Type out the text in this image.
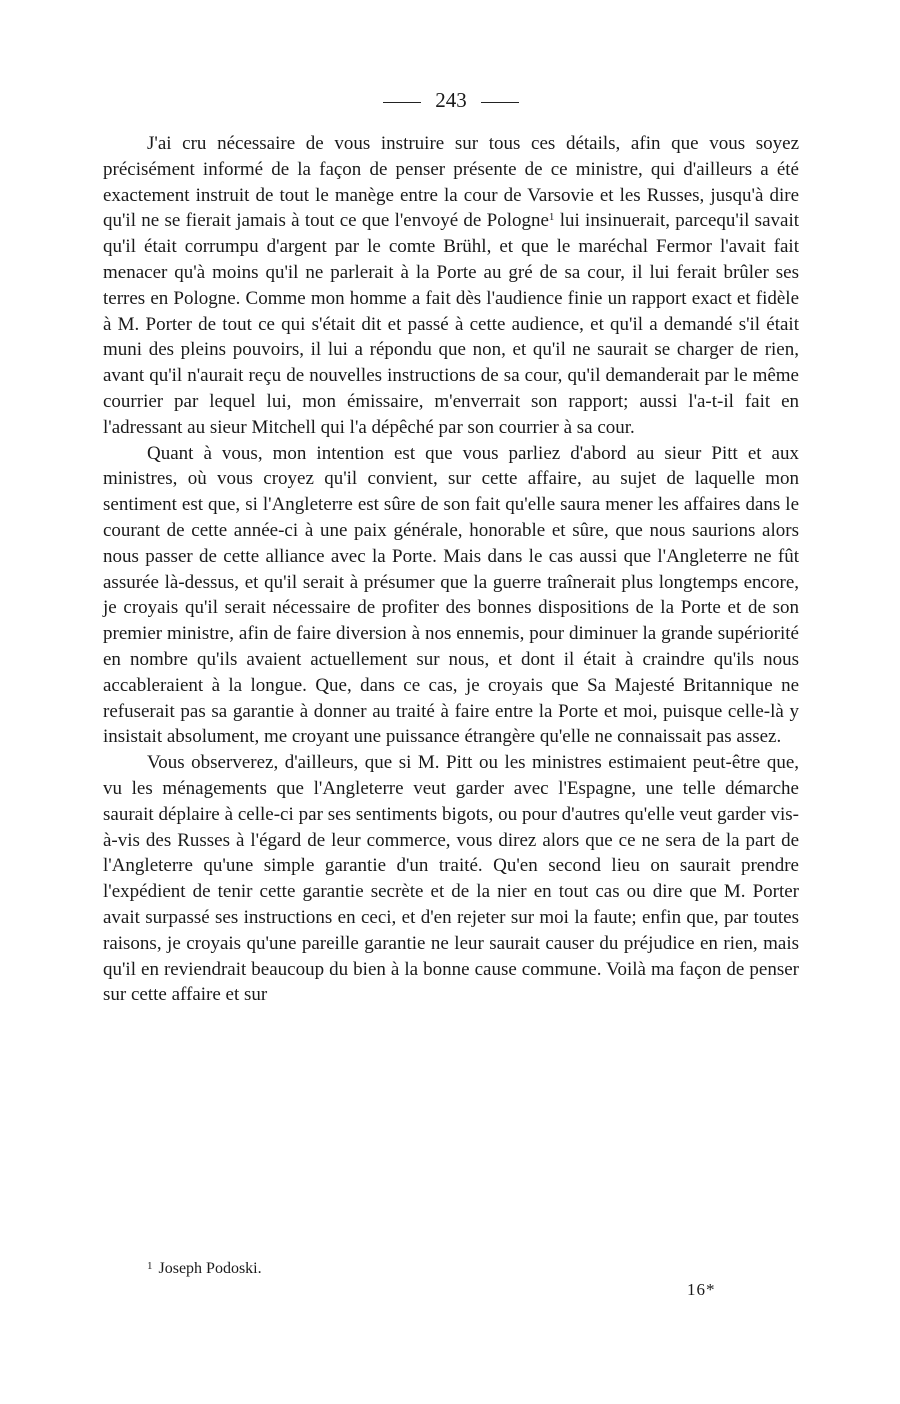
243

J'ai cru nécessaire de vous instruire sur tous ces détails, afin que vous soyez précisément informé de la façon de penser présente de ce ministre, qui d'ailleurs a été exactement instruit de tout le manège entre la cour de Varsovie et les Russes, jusqu'à dire qu'il ne se fierait jamais à tout ce que l'envoyé de Pologne$^1$ lui insinuerait, parcequ'il savait qu'il était corrumpu d'argent par le comte Brühl, et que le maréchal Fermor l'avait fait menacer qu'à moins qu'il ne parlerait à la Porte au gré de sa cour, il lui ferait brûler ses terres en Pologne. Comme mon homme a fait dès l'audience finie un rapport exact et fidèle à M. Porter de tout ce qui s'était dit et passé à cette audience, et qu'il a demandé s'il était muni des pleins pouvoirs, il lui a répondu que non, et qu'il ne saurait se charger de rien, avant qu'il n'aurait reçu de nouvelles instructions de sa cour, qu'il demanderait par le même courrier par lequel lui, mon émissaire, m'enverrait son rapport; aussi l'a-t-il fait en l'adressant au sieur Mitchell qui l'a dépêché par son courrier à sa cour.

Quant à vous, mon intention est que vous parliez d'abord au sieur Pitt et aux ministres, où vous croyez qu'il convient, sur cette affaire, au sujet de laquelle mon sentiment est que, si l'Angleterre est sûre de son fait qu'elle saura mener les affaires dans le courant de cette année-ci à une paix générale, honorable et sûre, que nous saurions alors nous passer de cette alliance avec la Porte. Mais dans le cas aussi que l'Angleterre ne fût assurée là-dessus, et qu'il serait à présumer que la guerre traînerait plus longtemps encore, je croyais qu'il serait nécessaire de profiter des bonnes dispositions de la Porte et de son premier ministre, afin de faire diversion à nos ennemis, pour diminuer la grande supériorité en nombre qu'ils avaient actuellement sur nous, et dont il était à craindre qu'ils nous accableraient à la longue. Que, dans ce cas, je croyais que Sa Majesté Britannique ne refuserait pas sa garantie à donner au traité à faire entre la Porte et moi, puisque celle-là y insistait absolument, me croyant une puissance étrangère qu'elle ne connaissait pas assez.

Vous observerez, d'ailleurs, que si M. Pitt ou les ministres estimaient peut-être que, vu les ménagements que l'Angleterre veut garder avec l'Espagne, une telle démarche saurait déplaire à celle-ci par ses sentiments bigots, ou pour d'autres qu'elle veut garder vis-à-vis des Russes à l'égard de leur commerce, vous direz alors que ce ne sera de la part de l'Angleterre qu'une simple garantie d'un traité. Qu'en second lieu on saurait prendre l'expédient de tenir cette garantie secrète et de la nier en tout cas ou dire que M. Porter avait surpassé ses instructions en ceci, et d'en rejeter sur moi la faute; enfin que, par toutes raisons, je croyais qu'une pareille garantie ne leur saurait causer du préjudice en rien, mais qu'il en reviendrait beaucoup du bien à la bonne cause commune. Voilà ma façon de penser sur cette affaire et sur

$^1$ Joseph Podoski.
16*
